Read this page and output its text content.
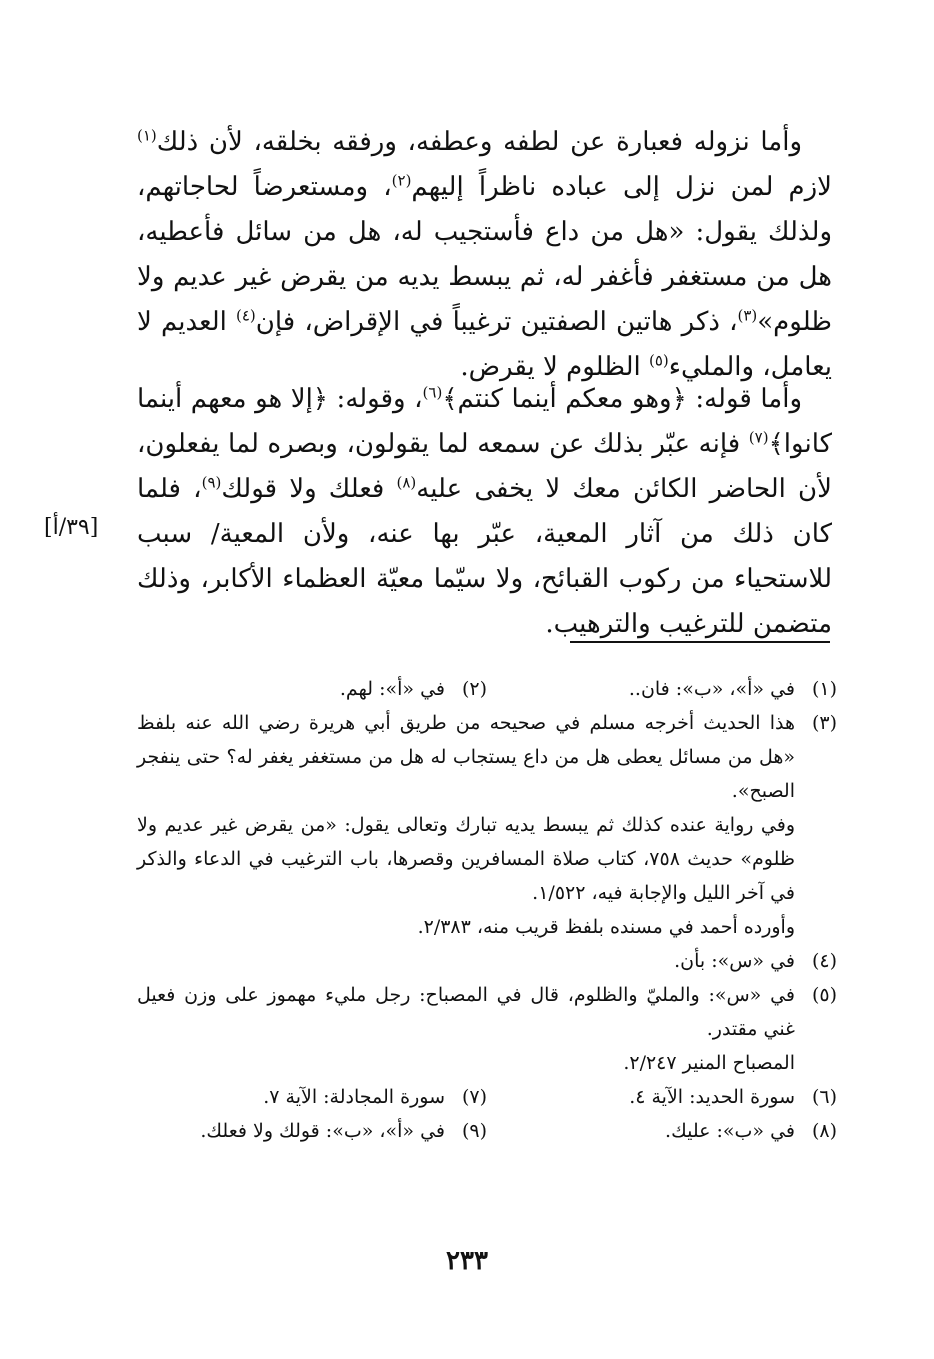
وأما نزوله فعبارة عن لطفه وعطفه، ورفقه بخلقه، لأن ذلك$^{(١)}$ لازم لمن نزل إلى عباده ناظراً إليهم$^{(٢)}$، ومستعرضاً لحاجاتهم، ولذلك يقول: «هل من داع فأستجيب له، هل من سائل فأعطيه، هل من مستغفر فأغفر له، ثم يبسط يديه من يقرض غير عديم ولا ظلوم»$^{(٣)}$، ذكر هاتين الصفتين ترغيباً في الإقراض، فإن$^{(٤)}$ العديم لا يعامل، والمليء$^{(٥)}$ الظلوم لا يقرض.
وأما قوله: ﴿وهو معكم أينما كنتم﴾$^{(٦)}$، وقوله: ﴿إلا هو معهم أينما كانوا﴾$^{(٧)}$ فإنه عبّر بذلك عن سمعه لما يقولون، وبصره لما يفعلون، لأن الحاضر الكائن معك لا يخفى عليه$^{(٨)}$ فعلك ولا قولك$^{(٩)}$، فلما كان ذلك من آثار المعية، عبّر بها عنه، ولأن المعية/ سبب للاستحياء من ركوب القبائح، ولا سيّما معيّة العظماء الأكابر، وذلك متضمن للترغيب والترهيب.
[٣٩/أ]
(١)
في «أ»، «ب»: فان..
(٢)
في «أ»: لهم.
(٣)
هذا الحديث أخرجه مسلم في صحيحه من طريق أبي هريرة رضي الله عنه بلفظ «هل من مسائل يعطى هل من داع يستجاب له هل من مستغفر يغفر له؟ حتى ينفجر الصبح».
وفي رواية عنده كذلك ثم يبسط يديه تبارك وتعالى يقول: «من يقرض غير عديم ولا ظلوم» حديث ٧٥٨، كتاب صلاة المسافرين وقصرها، باب الترغيب في الدعاء والذكر في آخر الليل والإجابة فيه، ١/٥٢٢.
وأورده أحمد في مسنده بلفظ قريب منه، ٢/٣٨٣.
(٤)
في «س»: بأن.
(٥)
في «س»: والمليّ والظلوم، قال في المصباح: رجل مليء مهموز على وزن فعيل غني مقتدر.
المصباح المنير ٢/٢٤٧.
(٦)
سورة الحديد: الآية ٤.
(٧)
سورة المجادلة: الآية ٧.
(٨)
في «ب»: عليك.
(٩)
في «أ»، «ب»: قولك ولا فعلك.
٢٣٣
